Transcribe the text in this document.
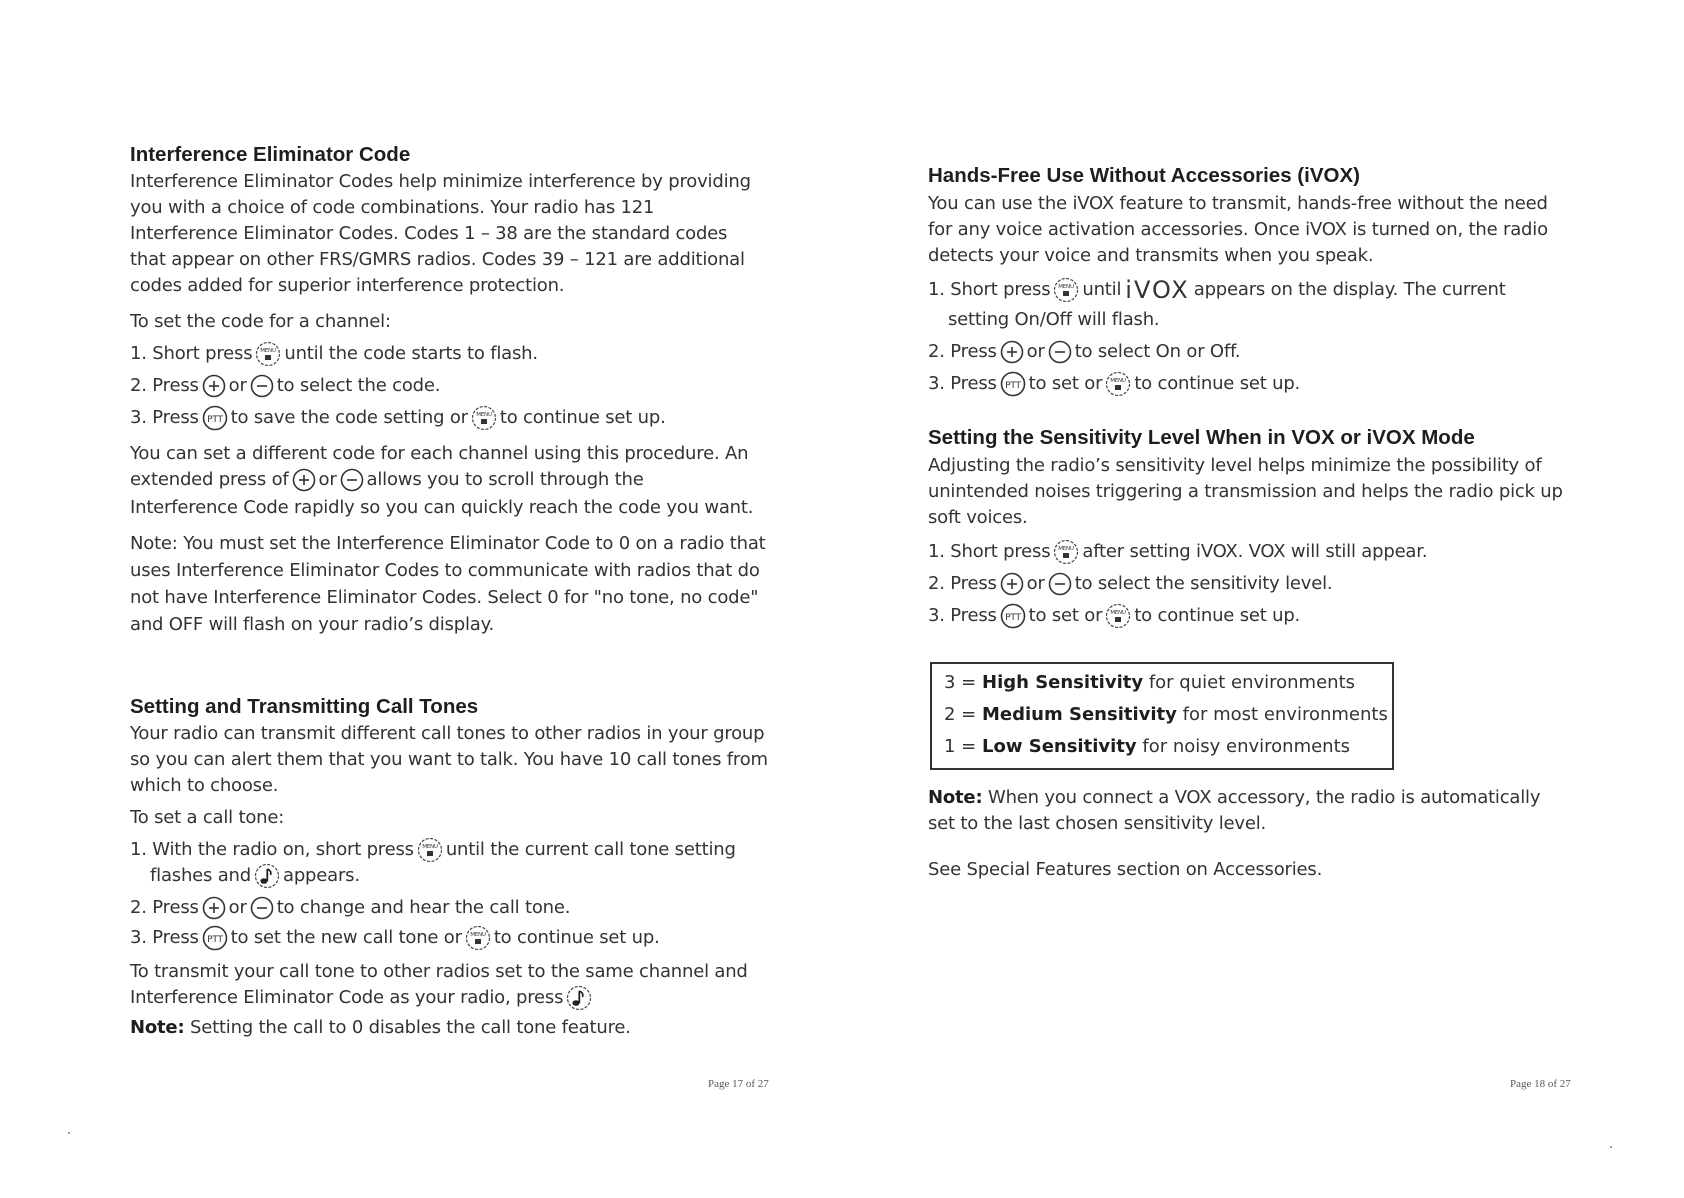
Interference Eliminator Code

Interference Eliminator Codes help minimize interference by providing

you with a choice of code combinations. Your radio has 121

Interference Eliminator Codes. Codes 1 – 38 are the standard codes

that appear on other FRS/GMRS radios. Codes 39 – 121 are additional

codes added for superior interference protection.

To set the code for a channel:

1. Short press MENU until the code starts to flash.

2. Press or to select the code.

3. Press PTT to save the code setting or MENU to continue set up.

You can set a different code for each channel using this procedure. An

extended press of or allows you to scroll through the

Interference Code rapidly so you can quickly reach the code you want.

Note: You must set the Interference Eliminator Code to 0 on a radio that

uses Interference Eliminator Codes to communicate with radios that do

not have Interference Eliminator Codes. Select 0 for "no tone, no code"

and OFF will flash on your radio’s display.

Setting and Transmitting Call Tones

Your radio can transmit different call tones to other radios in your group

so you can alert them that you want to talk. You have 10 call tones from

which to choose.

To set a call tone:

1. With the radio on, short press MENU until the current call tone setting

flashes and appears.

2. Press or to change and hear the call tone.

3. Press PTT to set the new call tone or MENU to continue set up.

To transmit your call tone to other radios set to the same channel and

Interference Eliminator Code as your radio, press

Note: Setting the call to 0 disables the call tone feature.

Page 17 of 27
Hands-Free Use Without Accessories (iVOX)

You can use the iVOX feature to transmit, hands-free without the need

for any voice activation accessories. Once iVOX is turned on, the radio

detects your voice and transmits when you speak.

1. Short press MENU until iVOX appears on the display. The current

setting On/Off will flash.

2. Press or to select On or Off.

3. Press PTT to set or MENU to continue set up.

Setting the Sensitivity Level When in VOX or iVOX Mode

Adjusting the radio’s sensitivity level helps minimize the possibility of

unintended noises triggering a transmission and helps the radio pick up

soft voices.

1. Short press MENU after setting iVOX. VOX will still appear.

2. Press or to select the sensitivity level.

3. Press PTT to set or MENU to continue set up.

Note: When you connect a VOX accessory, the radio is automatically

set to the last chosen sensitivity level.

See Special Features section on Accessories.

3 = High Sensitivity for quiet environments
2 = Medium Sensitivity for most environments
1 = Low Sensitivity for noisy environments
Page 18 of 27
